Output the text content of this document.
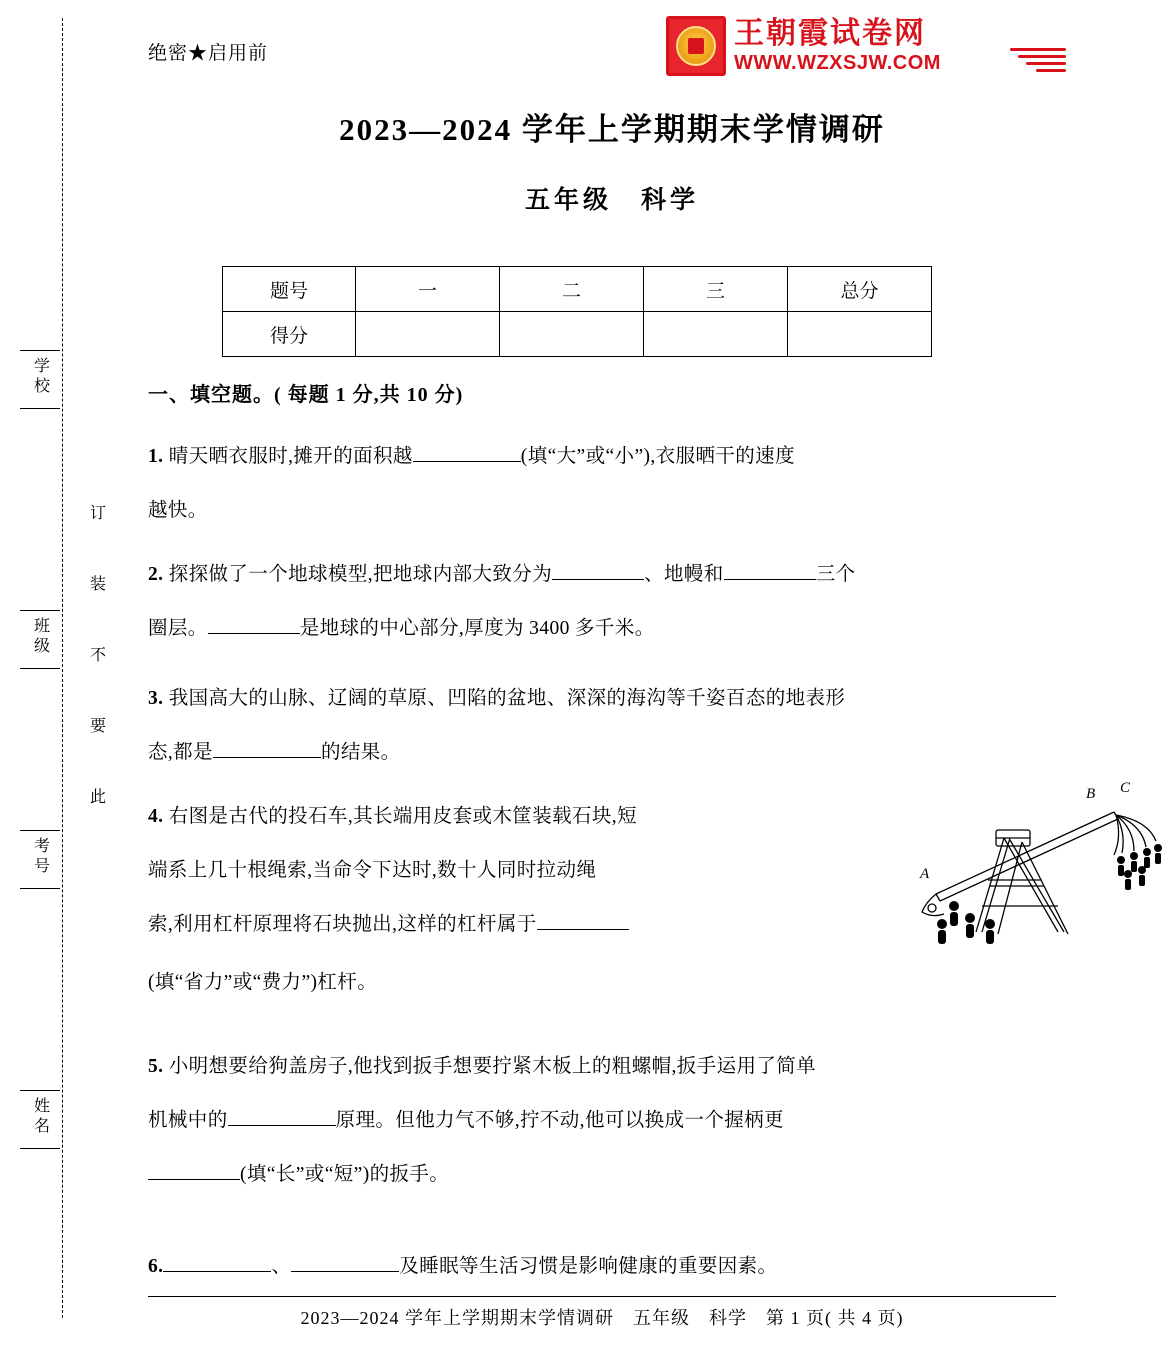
学校
班级
考号
姓名
订
装
不
要
此
绝密★启用前
王朝霞试卷网
WWW.WZXSJW.COM
2023—2024 学年上学期期末学情调研
五年级　科学
题号	一	二	三	总分
得分				
一、填空题。( 每题 1 分,共 10 分)
1. 晴天晒衣服时,摊开的面积越	(填“大”或“小”),衣服晒干的速度
越快。
2. 探探做了一个地球模型,把地球内部大致分为	、地幔和	三个
圈层。	是地球的中心部分,厚度为 3400 多千米。
3. 我国高大的山脉、辽阔的草原、凹陷的盆地、深深的海沟等千姿百态的地表形
态,都是	的结果。
4. 右图是古代的投石车,其长端用皮套或木筐装载石块,短
端系上几十根绳索,当命令下达时,数十人同时拉动绳
索,利用杠杆原理将石块抛出,这样的杠杆属于
(填“省力”或“费力”)杠杆。
A
B C
5. 小明想要给狗盖房子,他找到扳手想要拧紧木板上的粗螺帽,扳手运用了简单
机械中的	原理。但他力气不够,拧不动,他可以换成一个握柄更
(填“长”或“短”)的扳手。
6.	、	及睡眠等生活习惯是影响健康的重要因素。
2023—2024 学年上学期期末学情调研　五年级　科学　第 1 页( 共 4 页)
